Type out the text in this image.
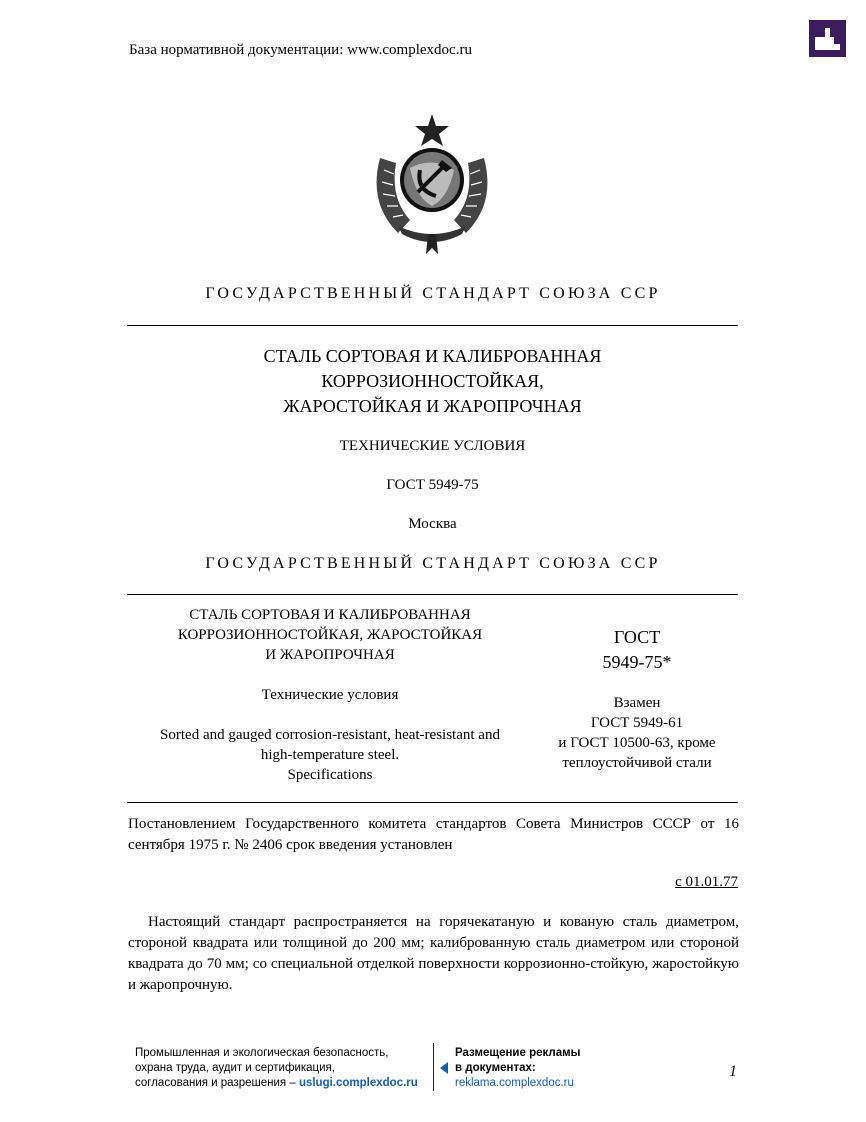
База нормативной документации: www.complexdoc.ru
ГОСУДАРСТВЕННЫЙ СТАНДАРТ СОЮЗА ССР
СТАЛЬ СОРТОВАЯ И КАЛИБРОВАННАЯ
КОРРОЗИОННОСТОЙКАЯ,
ЖАРОСТОЙКАЯ И ЖАРОПРОЧНАЯ
ТЕХНИЧЕСКИЕ УСЛОВИЯ
ГОСТ 5949-75
Москва
ГОСУДАРСТВЕННЫЙ СТАНДАРТ СОЮЗА ССР
СТАЛЬ СОРТОВАЯ И КАЛИБРОВАННАЯ
КОРРОЗИОННОСТОЙКАЯ, ЖАРОСТОЙКАЯ
И ЖАРОПРОЧНАЯ
Технические условия
Sorted and gauged corrosion-resistant, heat-resistant and
high-temperature steel.
Specifications
ГОСТ
5949-75*
Взамен
ГОСТ 5949-61
и ГОСТ 10500-63, кроме
теплоустойчивой стали
Постановлением Государственного комитета стандартов Совета Министров СССР от 16 сентября 1975 г. № 2406 срок введения установлен
с 01.01.77
Настоящий стандарт распространяется на горячекатаную и кованую сталь диаметром, стороной квадрата или толщиной до 200 мм; калиброванную сталь диаметром или стороной квадрата до 70 мм; со специальной отделкой поверхности коррозионно-стойкую, жаростойкую и жаропрочную.
Промышленная и экологическая безопасность,
охрана труда, аудит и сертификация,
согласования и разрешения – uslugi.complexdoc.ru
Размещение рекламы
в документах:
reklama.complexdoc.ru
1
